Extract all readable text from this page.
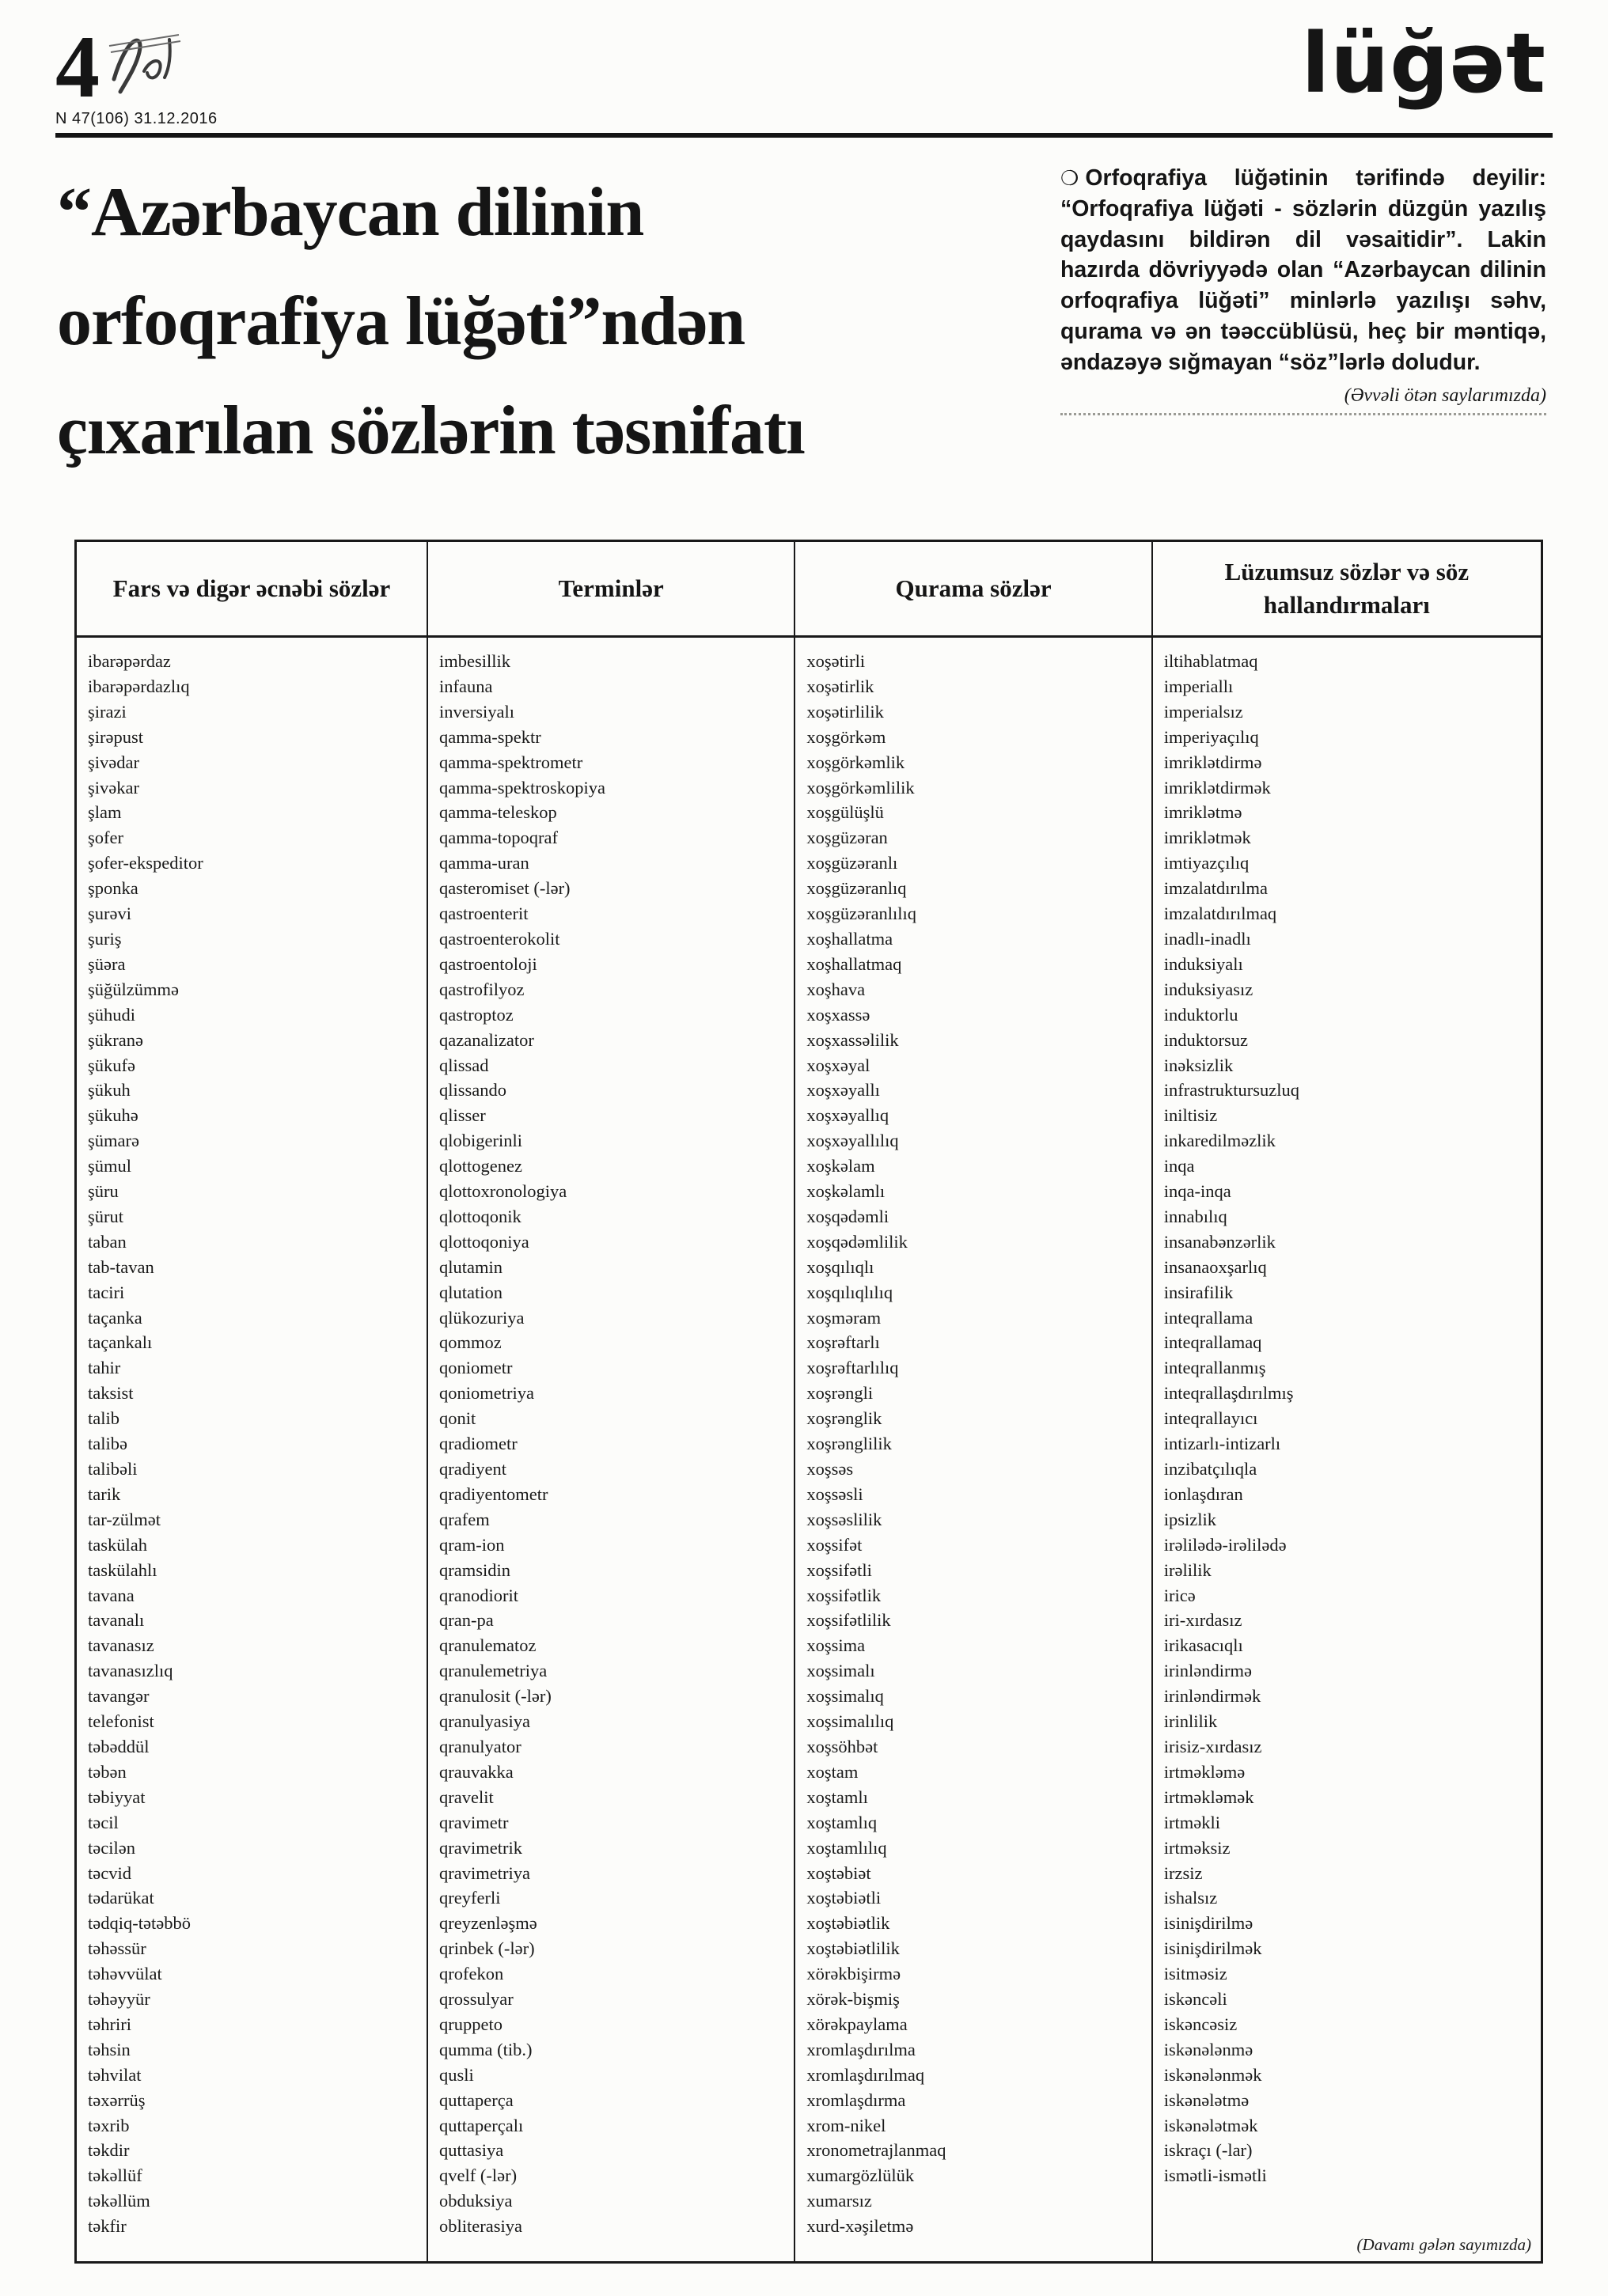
4
N 47(106) 31.12.2016
lüğət
“Azərbaycan dilinin
orfoqrafiya lüğəti”ndən
çıxarılan sözlərin təsnifatı

❍ Orfoqrafiya lüğətinin tərifində deyilir: “Orfoqrafiya lüğəti - sözlərin düzgün yazılış qaydasını bildirən dil vəsaitidir”. Lakin hazırda dövriyyədə olan “Azərbaycan dilinin orfoqrafiya lüğəti” minlərlə yazılışı səhv, qurama və ən təəccüblüsü, heç bir məntiqə, əndazəyə sığmayan “söz”lərlə doludur.

(Əvvəli ötən saylarımızda)
Fars və digər əcnəbi sözlər	Terminlər	Qurama sözlər
Lüzumsuz sözlər və söz hallandırmaları
ibarəpərdaz
ibarəpərdazlıq
şirazi
şirəpust
şivədar
şivəkar
şlam
şofer
şofer-ekspeditor
şponka
şurəvi
şuriş
şüəra
şüğülzümmə
şühudi
şükranə
şükufə
şükuh
şükuhə
şümarə
şümul
şüru
şürut
taban
tab-tavan
taciri
taçanka
taçankalı
tahir
taksist
talib
talibə
talibəli
tarik
tar-zülmət
taskülah
taskülahlı
tavana
tavanalı
tavanasız
tavanasızlıq
tavangər
telefonist
təbəddül
təbən
təbiyyat
təcil
təcilən
təcvid
tədarükat
tədqiq-tətəbbö
təhəssür
təhəvvülat
təhəyyür
təhriri
təhsin
təhvilat
təxərrüş
təxrib
təkdir
təkəllüf
təkəllüm
təkfir
imbesillik
infauna
inversiyalı
qamma-spektr
qamma-spektrometr
qamma-spektroskopiya
qamma-teleskop
qamma-topoqraf
qamma-uran
qasteromiset (-lər)
qastroenterit
qastroenterokolit
qastroentoloji
qastrofilyoz
qastroptoz
qazanalizator
qlissad
qlissando
qlisser
qlobigerinli
qlottogenez
qlottoxronologiya
qlottoqonik
qlottoqoniya
qlutamin
qlutation
qlükozuriya
qommoz
qoniometr
qoniometriya
qonit
qradiometr
qradiyent
qradiyentometr
qrafem
qram-ion
qramsidin
qranodiorit
qran-pa
qranulematoz
qranulemetriya
qranulosit (-lər)
qranulyasiya
qranulyator
qrauvakka
qravelit
qravimetr
qravimetrik
qravimetriya
qreyferli
qreyzenləşmə
qrinbek (-lər)
qrofekon
qrossulyar
qruppeto
qumma (tib.)
qusli
quttaperça
quttaperçalı
quttasiya
qvelf (-lər)
obduksiya
obliterasiya
xoşətirli
xoşətirlik
xoşətirlilik
xoşgörkəm
xoşgörkəmlik
xoşgörkəmlilik
xoşgülüşlü
xoşgüzəran
xoşgüzəranlı
xoşgüzəranlıq
xoşgüzəranlılıq
xoşhallatma
xoşhallatmaq
xoşhava
xoşxassə
xoşxassəlilik
xoşxəyal
xoşxəyallı
xoşxəyallıq
xoşxəyallılıq
xoşkəlam
xoşkəlamlı
xoşqədəmli
xoşqədəmlilik
xoşqılıqlı
xoşqılıqlılıq
xoşməram
xoşrəftarlı
xoşrəftarlılıq
xoşrəngli
xoşrənglik
xoşrənglilik
xoşsəs
xoşsəsli
xoşsəslilik
xoşsifət
xoşsifətli
xoşsifətlik
xoşsifətlilik
xoşsima
xoşsimalı
xoşsimalıq
xoşsimalılıq
xoşsöhbət
xoştam
xoştamlı
xoştamlıq
xoştamlılıq
xoştəbiət
xoştəbiətli
xoştəbiətlik
xoştəbiətlilik
xörəkbişirmə
xörək-bişmiş
xörəkpaylama
xromlaşdırılma
xromlaşdırılmaq
xromlaşdırma
xrom-nikel
xronometrajlanmaq
xumargözlülük
xumarsız
xurd-xəşiletmə
(Davamı gələn sayımızda)
iltihablatmaq
imperiallı
imperialsız
imperiyaçılıq
imriklətdirmə
imriklətdirmək
imriklətmə
imriklətmək
imtiyazçılıq
imzalatdırılma
imzalatdırılmaq
inadlı-inadlı
induksiyalı
induksiyasız
induktorlu
induktorsuz
inəksizlik
infrastruktursuzluq
iniltisiz
inkaredilməzlik
inqa
inqa-inqa
innabılıq
insanabənzərlik
insanaoxşarlıq
insirafilik
inteqrallama
inteqrallamaq
inteqrallanmış
inteqrallaşdırılmış
inteqrallayıcı
intizarlı-intizarlı
inzibatçılıqla
ionlaşdıran
ipsizlik
irəlilədə-irəlilədə
irəlilik
iricə
iri-xırdasız
irikasacıqlı
irinləndirmə
irinləndirmək
irinlilik
irisiz-xırdasız
irtməkləmə
irtməkləmək
irtməkli
irtməksiz
irzsiz
ishalsız
isinişdirilmə
isinişdirilmək
isitməsiz
iskəncəli
iskəncəsiz
iskənələnmə
iskənələnmək
iskənələtmə
iskənələtmək
iskraçı (-lar)
ismətli-ismətli
